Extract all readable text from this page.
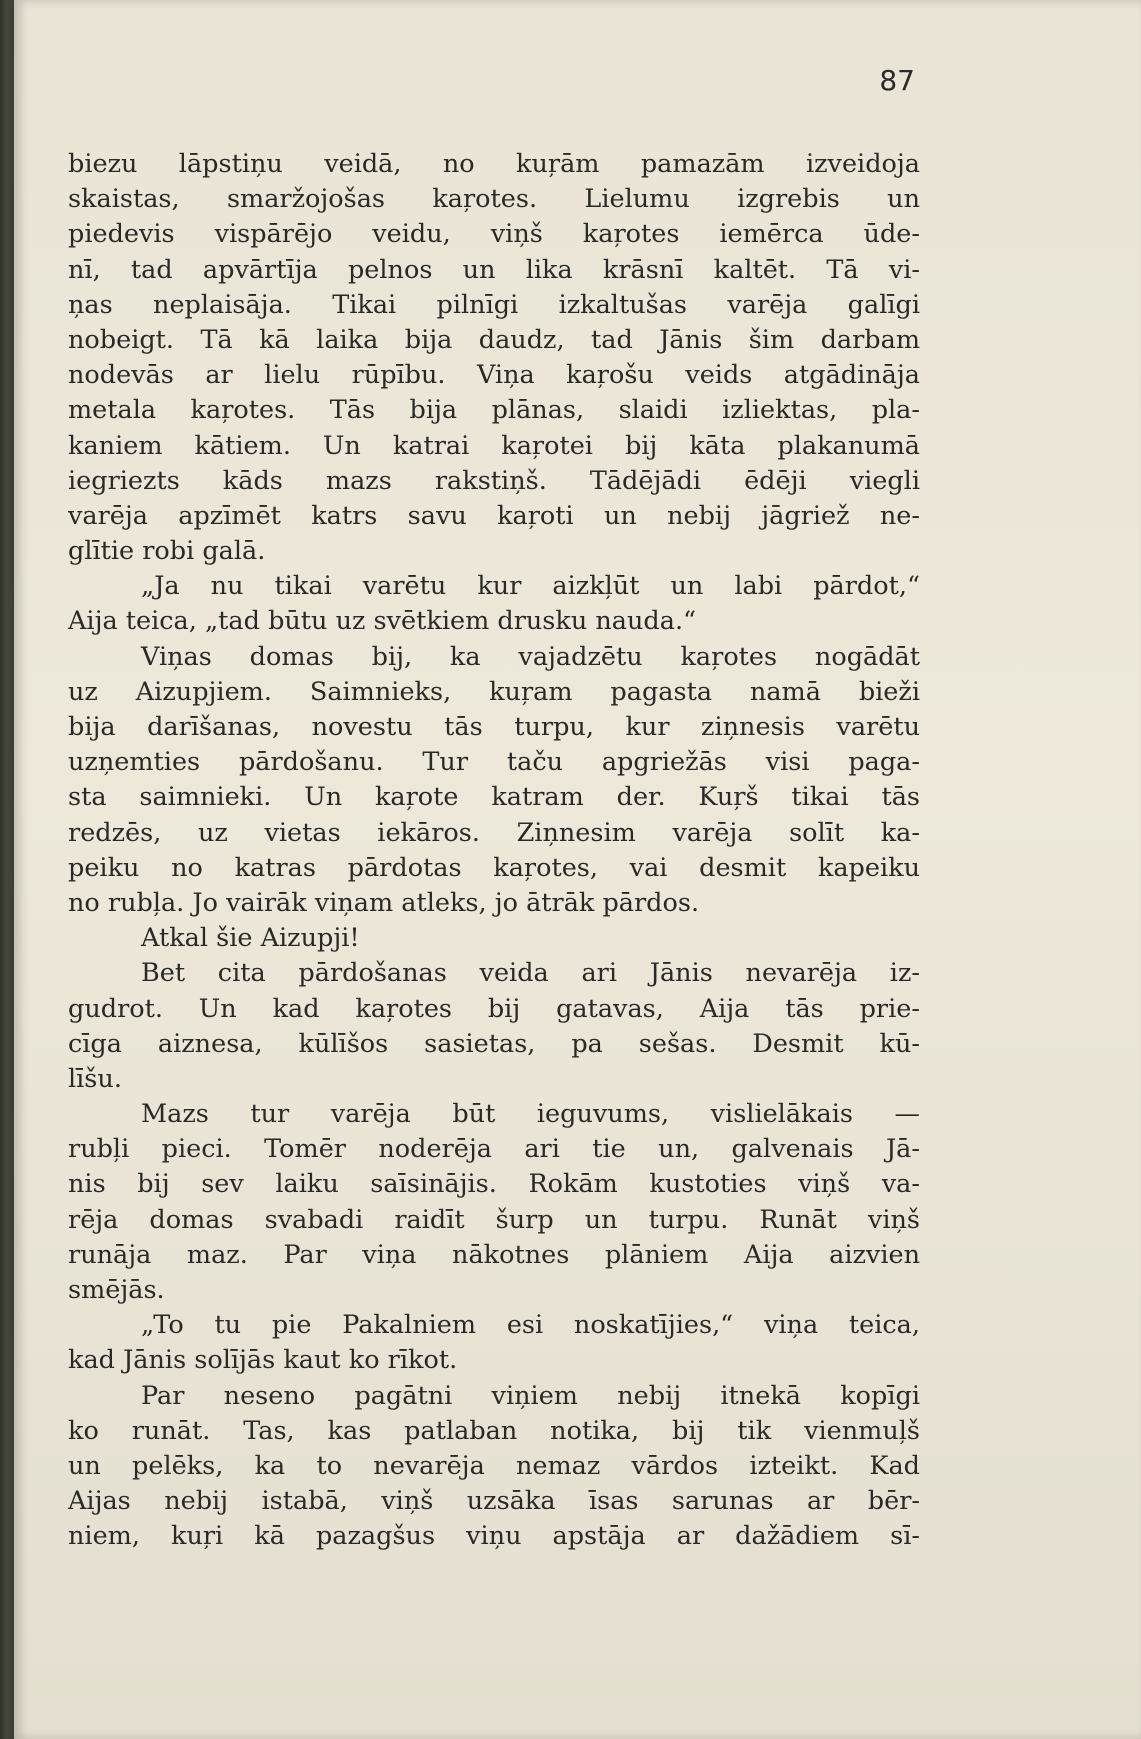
87
biezu lāpstiņu veidā, no kuŗām pamazām izveidoja
skaistas, smaržojošas kaŗotes. Lielumu izgrebis un
piedevis vispārējo veidu, viņš kaŗotes iemērca ūde-
nī, tad apvārtīja pelnos un lika krāsnī kaltēt. Tā vi-
ņas neplaisāja. Tikai pilnīgi izkaltušas varēja galīgi
nobeigt. Tā kā laika bija daudz, tad Jānis šim darbam
nodevās ar lielu rūpību. Viņa kaŗošu veids atgādināja
metala kaŗotes. Tās bija plānas, slaidi izliektas, pla-
kaniem kātiem. Un katrai kaŗotei bij kāta plakanumā
iegriezts kāds mazs rakstiņš. Tādējādi ēdēji viegli
varēja apzīmēt katrs savu kaŗoti un nebij jāgriež ne-
glītie robi galā.
„Ja nu tikai varētu kur aizkļūt un labi pārdot,“
Aija teica, „tad būtu uz svētkiem drusku nauda.“
Viņas domas bij, ka vajadzētu kaŗotes nogādāt
uz Aizupjiem. Saimnieks, kuŗam pagasta namā bieži
bija darīšanas, novestu tās turpu, kur ziņnesis varētu
uzņemties pārdošanu. Tur taču apgriežās visi paga-
sta saimnieki. Un kaŗote katram der. Kuŗš tikai tās
redzēs, uz vietas iekāros. Ziņnesim varēja solīt ka-
peiku no katras pārdotas kaŗotes, vai desmit kapeiku
no rubļa. Jo vairāk viņam atleks, jo ātrāk pārdos.
Atkal šie Aizupji!
Bet cita pārdošanas veida ari Jānis nevarēja iz-
gudrot. Un kad kaŗotes bij gatavas, Aija tās prie-
cīga aiznesa, kūlīšos sasietas, pa sešas. Desmit kū-
līšu.
Mazs tur varēja būt ieguvums, vislielākais —
rubļi pieci. Tomēr noderēja ari tie un, galvenais Jā-
nis bij sev laiku saīsinājis. Rokām kustoties viņš va-
rēja domas svabadi raidīt šurp un turpu. Runāt viņš
runāja maz. Par viņa nākotnes plāniem Aija aizvien
smējās.
„To tu pie Pakalniem esi noskatījies,“ viņa teica,
kad Jānis solījās kaut ko rīkot.
Par neseno pagātni viņiem nebij itnekā kopīgi
ko runāt. Tas, kas patlaban notika, bij tik vienmuļš
un pelēks, ka to nevarēja nemaz vārdos izteikt. Kad
Aijas nebij istabā, viņš uzsāka īsas sarunas ar bēr-
niem, kuŗi kā pazagšus viņu apstāja ar dažādiem sī-
